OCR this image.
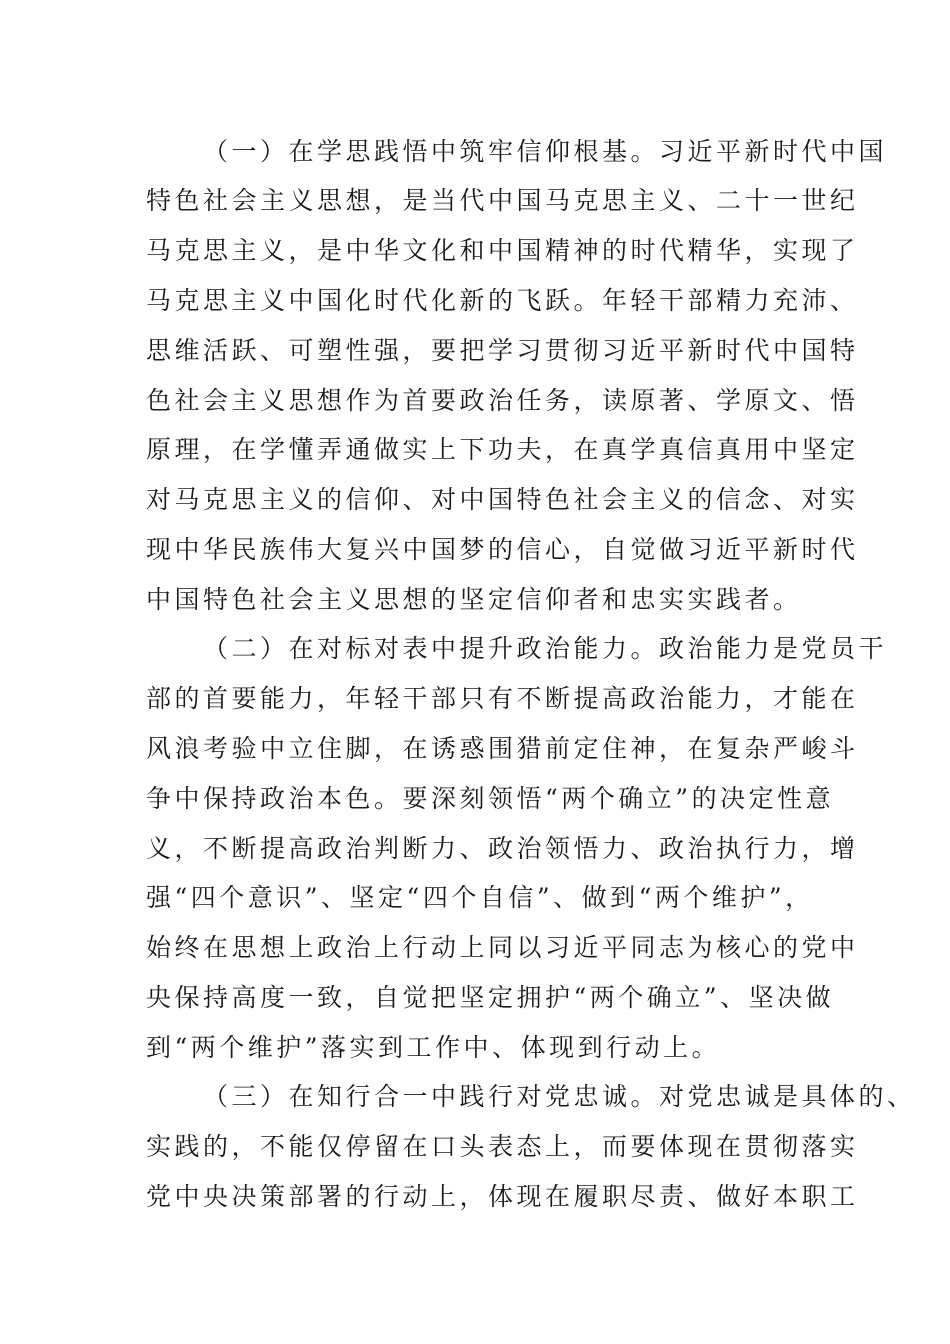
（一）在学思践悟中筑牢信仰根基。习近平新时代中国
特色社会主义思想，是当代中国马克思主义、二十一世纪
马克思主义，是中华文化和中国精神的时代精华，实现了
马克思主义中国化时代化新的飞跃。年轻干部精力充沛、
思维活跃、可塑性强，要把学习贯彻习近平新时代中国特
色社会主义思想作为首要政治任务，读原著、学原文、悟
原理，在学懂弄通做实上下功夫，在真学真信真用中坚定
对马克思主义的信仰、对中国特色社会主义的信念、对实
现中华民族伟大复兴中国梦的信心，自觉做习近平新时代
中国特色社会主义思想的坚定信仰者和忠实实践者。
（二）在对标对表中提升政治能力。政治能力是党员干
部的首要能力，年轻干部只有不断提高政治能力，才能在
风浪考验中立住脚，在诱惑围猎前定住神，在复杂严峻斗
争中保持政治本色。要深刻领悟“两个确立”的决定性意
义，不断提高政治判断力、政治领悟力、政治执行力，增
强“四个意识”、坚定“四个自信”、做到“两个维护”，
始终在思想上政治上行动上同以习近平同志为核心的党中
央保持高度一致，自觉把坚定拥护“两个确立”、坚决做
到“两个维护”落实到工作中、体现到行动上。
（三）在知行合一中践行对党忠诚。对党忠诚是具体的、
实践的，不能仅停留在口头表态上，而要体现在贯彻落实
党中央决策部署的行动上，体现在履职尽责、做好本职工
